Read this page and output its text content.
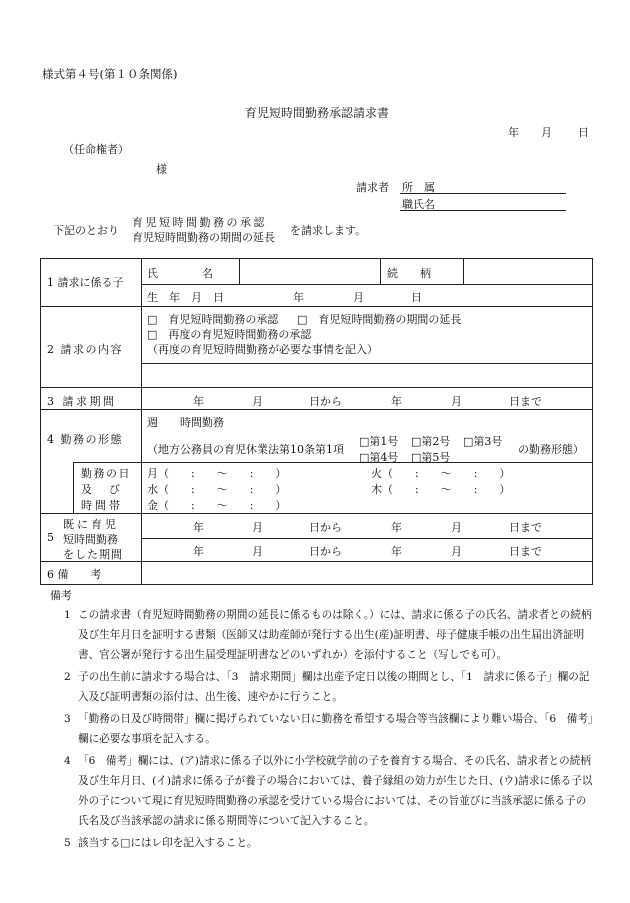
様式第４号(第１０条関係)
育児短時間勤務承認請求書
年 月 日
（任命権者）
様
請求者 所　属
職氏名
下記のとおり
育児短時間勤務の承認
育児短時間勤務の期間の延長
を請求します。
1 請求に係る子
氏　　　　名	続　　柄
生　年　月　日	年	月	日
2 請求の内容
□　育児短時間勤務の承認 □　育児短時間勤務の期間の延長
□　再度の育児短時間勤務の承認
（再度の育児短時間勤務が必要な事情を記入）
3 請求期間	年	月	日から	年	月	日まで
4 勤務の形態
週　　時間勤務
（地方公務員の育児休業法第10条第1項
□第1号 □第2号 □第3号
□第4号 □第5号
の勤務形態）
勤務の日
及　び
時間帯
月（　　:　　〜　　:　　）	火（　　:　　〜　　:　　）
水（　　:　　〜　　:　　）	木（　　:　　〜　　:　　）
金（　　:　　〜　　:　　）
5
既に育児
短時間勤務
をした期間
年	月	日から	年	月	日まで
年	月	日から	年	月	日まで
6 備　　考
備考
1 この請求書（育児短時間勤務の期間の延長に係るものは除く。）には、請求に係る子の氏名、請求者との続柄及び生年月日を証明する書類（医師又は助産師が発行する出生(産)証明書、母子健康手帳の出生届出済証明書、官公署が発行する出生届受理証明書などのいずれか）を添付すること（写しでも可）。
2 子の出生前に請求する場合は、「3　請求期間」欄は出産予定日以後の期間とし、「1　請求に係る子」欄の記入及び証明書類の添付は、出生後、速やかに行うこと。
3 「勤務の日及び時間帯」欄に掲げられていない日に勤務を希望する場合等当該欄により難い場合、「6　備考」欄に必要な事項を記入する。
4 「6　備考」欄には、(ア)請求に係る子以外に小学校就学前の子を養育する場合、その氏名、請求者との続柄及び生年月日、(イ)請求に係る子が養子の場合においては、養子縁組の効力が生じた日、(ウ)請求に係る子以外の子について現に育児短時間勤務の承認を受けている場合においては、その旨並びに当該承認に係る子の氏名及び当該承認の請求に係る期間等について記入すること。
5 該当する□にはレ印を記入すること。
